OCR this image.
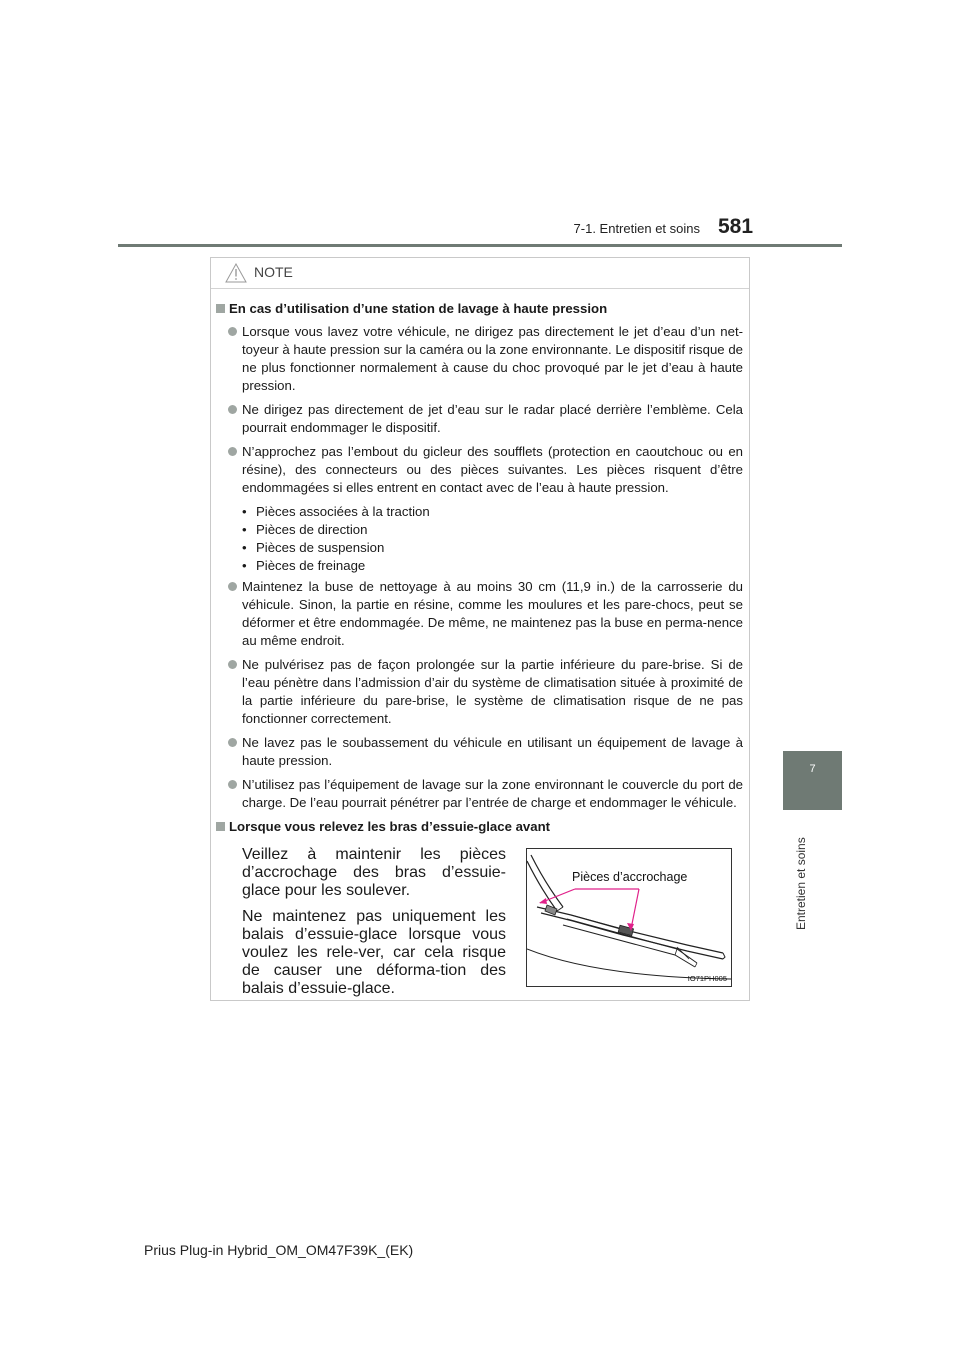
7-1. Entretien et soins 581
7
Entretien et soins
NOTE
En cas d’utilisation d’une station de lavage à haute pression
Lorsque vous lavez votre véhicule, ne dirigez pas directement le jet d’eau d’un net-toyeur à haute pression sur la caméra ou la zone environnante. Le dispositif risque de ne plus fonctionner normalement à cause du choc provoqué par le jet d’eau à haute pression.
Ne dirigez pas directement de jet d’eau sur le radar placé derrière l’emblème. Cela pourrait endommager le dispositif.
N’approchez pas l’embout du gicleur des soufflets (protection en caoutchouc ou en résine), des connecteurs ou des pièces suivantes. Les pièces risquent d’être endommagées si elles entrent en contact avec de l’eau à haute pression.
• Pièces associées à la traction
• Pièces de direction
• Pièces de suspension
• Pièces de freinage
Maintenez la buse de nettoyage à au moins 30 cm (11,9 in.) de la carrosserie du véhicule. Sinon, la partie en résine, comme les moulures et les pare-chocs, peut se déformer et être endommagée. De même, ne maintenez pas la buse en perma-nence au même endroit.
Ne pulvérisez pas de façon prolongée sur la partie inférieure du pare-brise. Si de l’eau pénètre dans l’admission d’air du système de climatisation située à proximité de la partie inférieure du pare-brise, le système de climatisation risque de ne pas fonctionner correctement.
Ne lavez pas le soubassement du véhicule en utilisant un équipement de lavage à haute pression.
N’utilisez pas l’équipement de lavage sur la zone environnant le couvercle du port de charge. De l’eau pourrait pénétrer par l’entrée de charge et endommager le véhicule.
Lorsque vous relevez les bras d’essuie-glace avant

Veillez à maintenir les pièces d’accrochage des bras d’essuie-glace pour les soulever.

Ne maintenez pas uniquement les balais d’essuie-glace lorsque vous voulez les rele-ver, car cela risque de causer une déforma-tion des balais d’essuie-glace.

Pièces d’accrochage
IO71PH005
Prius Plug-in Hybrid_OM_OM47F39K_(EK)
